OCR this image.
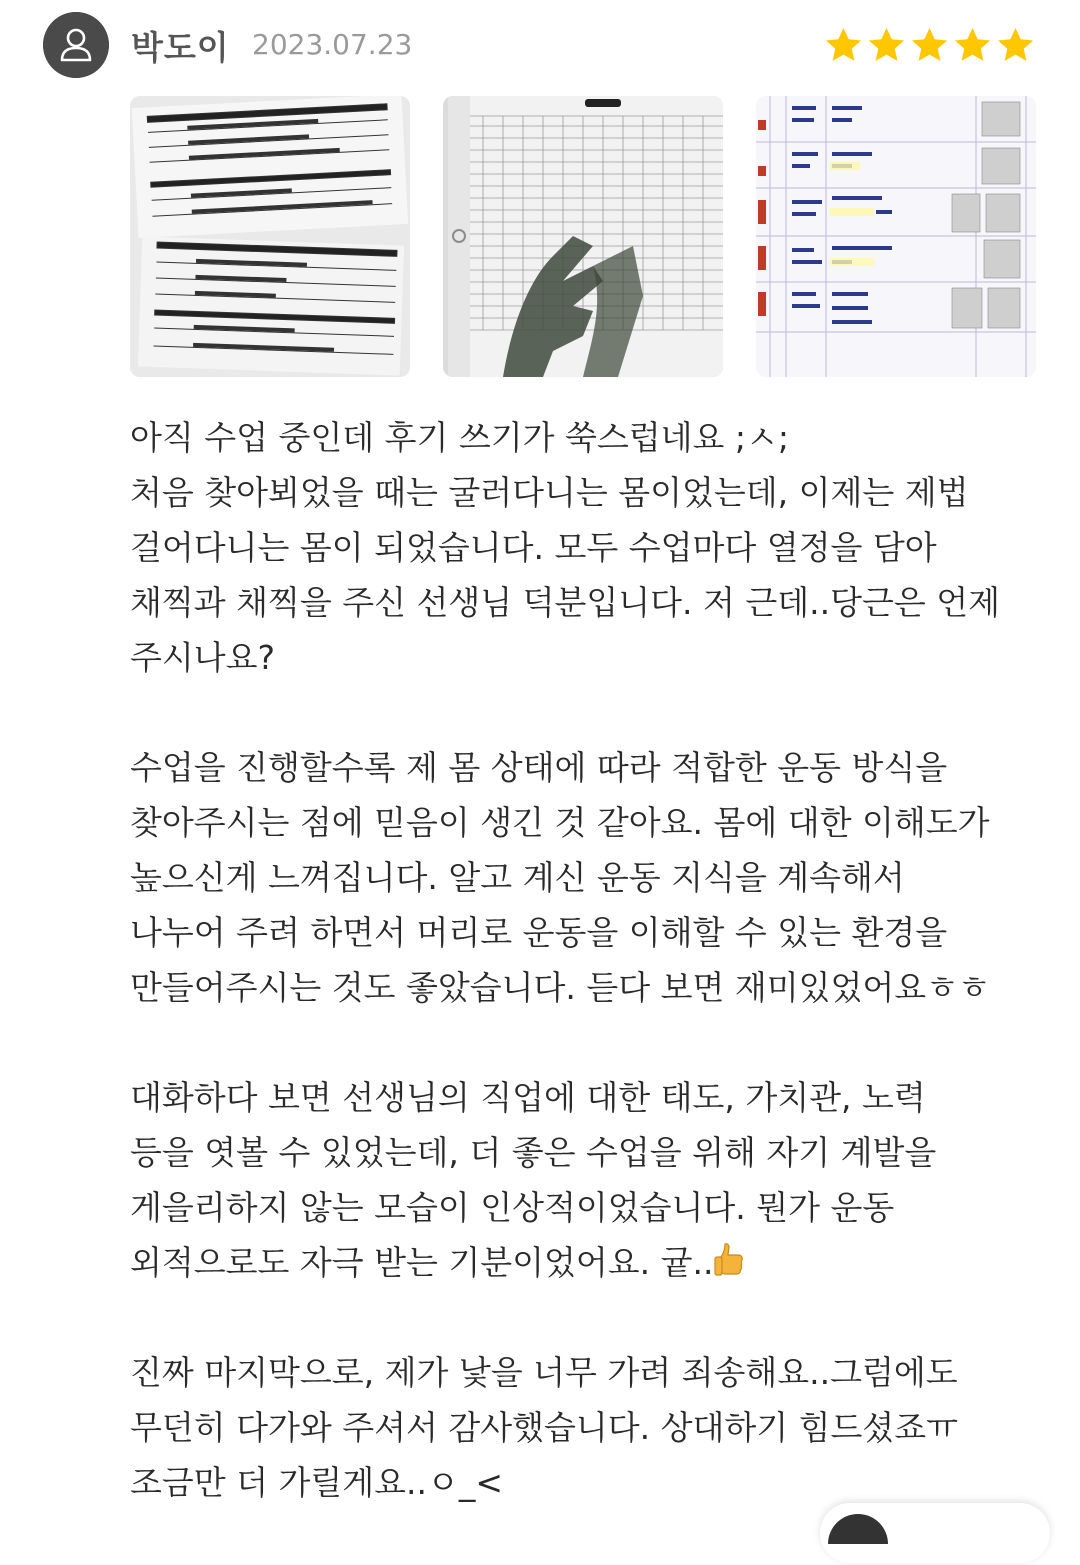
박도이 2023.07.23
아직 수업 중인데 후기 쓰기가 쑥스럽네요 ;ㅅ;
처음 찾아뵈었을 때는 굴러다니는 몸이었는데, 이제는 제법
걸어다니는 몸이 되었습니다. 모두 수업마다 열정을 담아
채찍과 채찍을 주신 선생님 덕분입니다. 저 근데..당근은 언제
주시나요?
수업을 진행할수록 제 몸 상태에 따라 적합한 운동 방식을
찾아주시는 점에 믿음이 생긴 것 같아요. 몸에 대한 이해도가
높으신게 느껴집니다. 알고 계신 운동 지식을 계속해서
나누어 주려 하면서 머리로 운동을 이해할 수 있는 환경을
만들어주시는 것도 좋았습니다. 듣다 보면 재미있었어요ㅎㅎ
대화하다 보면 선생님의 직업에 대한 태도, 가치관, 노력
등을 엿볼 수 있었는데, 더 좋은 수업을 위해 자기 계발을
게을리하지 않는 모습이 인상적이었습니다. 뭔가 운동
외적으로도 자극 받는 기분이었어요. 귵..
진짜 마지막으로, 제가 낯을 너무 가려 죄송해요..그럼에도
무던히 다가와 주셔서 감사했습니다. 상대하기 힘드셨죠ㅠ
조금만 더 가릴게요..ㅇ_<
